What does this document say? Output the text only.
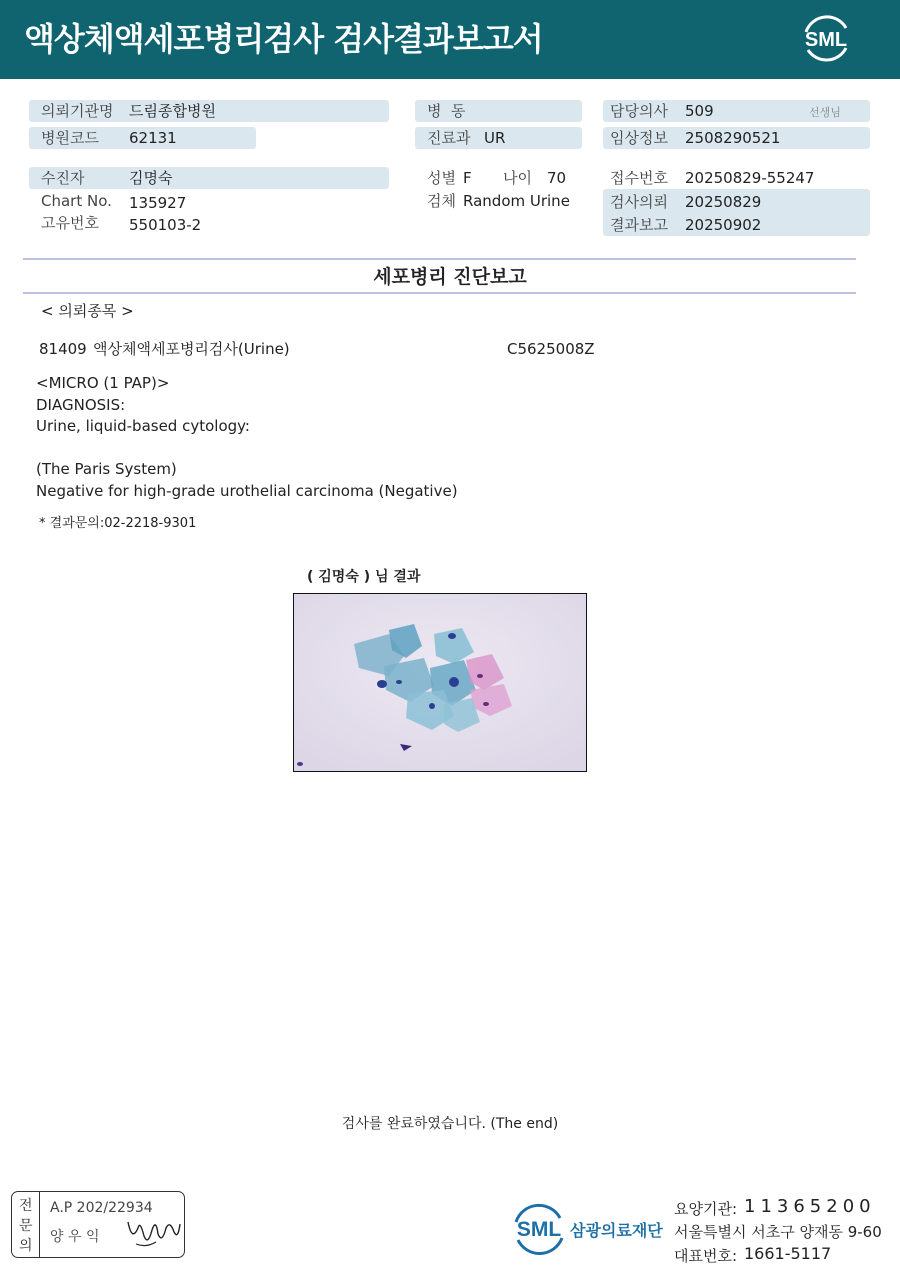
액상체액세포병리검사 검사결과보고서	SML
의뢰기관명 드림종합병원
병원코드 62131
병  동
진료과 UR
담당의사 509	선생님
임상정보 2508290521
수진자	김명숙
Chart No. 135927
고유번호 550103-2
성별 F 나이 70
검체 Random Urine
접수번호 20250829-55247
검사의뢰 20250829
결과보고 20250902
세포병리 진단보고
< 의뢰종목 >
81409 액상체액세포병리검사(Urine)	C5625008Z
<MICRO (1 PAP)>
DIAGNOSIS:
Urine, liquid-based cytology:
(The Paris System)
Negative for high-grade urothelial carcinoma (Negative)
* 결과문의:02-2218-9301
( 김명숙 ) 님 결과
검사를 완료하였습니다. (The end)
전
문
의
A.P 202/22934
양 우 익	SML 삼광의료재단
요양기관: 11365200
서울특별시 서초구 양재동 9-60
대표번호: 1661-5117
